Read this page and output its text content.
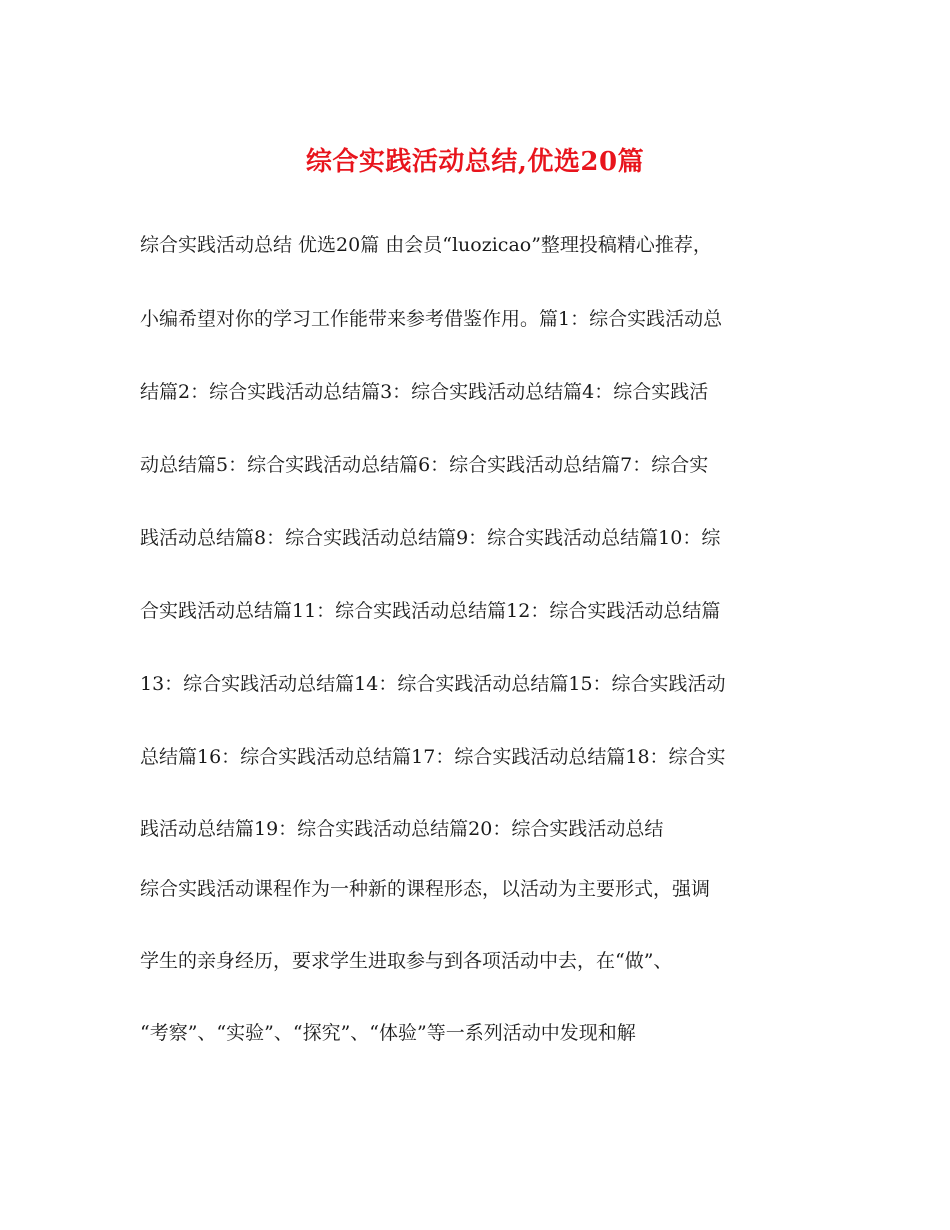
综合实践活动总结,优选20篇

综合实践活动总结 优选20篇 由会员“luozicao”整理投稿精心推荐，

小编希望对你的学习工作能带来参考借鉴作用。篇1：综合实践活动总

结篇2：综合实践活动总结篇3：综合实践活动总结篇4：综合实践活

动总结篇5：综合实践活动总结篇6：综合实践活动总结篇7：综合实

践活动总结篇8：综合实践活动总结篇9：综合实践活动总结篇10：综

合实践活动总结篇11：综合实践活动总结篇12：综合实践活动总结篇

13：综合实践活动总结篇14：综合实践活动总结篇15：综合实践活动

总结篇16：综合实践活动总结篇17：综合实践活动总结篇18：综合实

践活动总结篇19：综合实践活动总结篇20：综合实践活动总结

综合实践活动课程作为一种新的课程形态，以活动为主要形式，强调

学生的亲身经历，要求学生进取参与到各项活动中去，在“做”、

“考察”、“实验”、“探究”、“体验”等一系列活动中发现和解
